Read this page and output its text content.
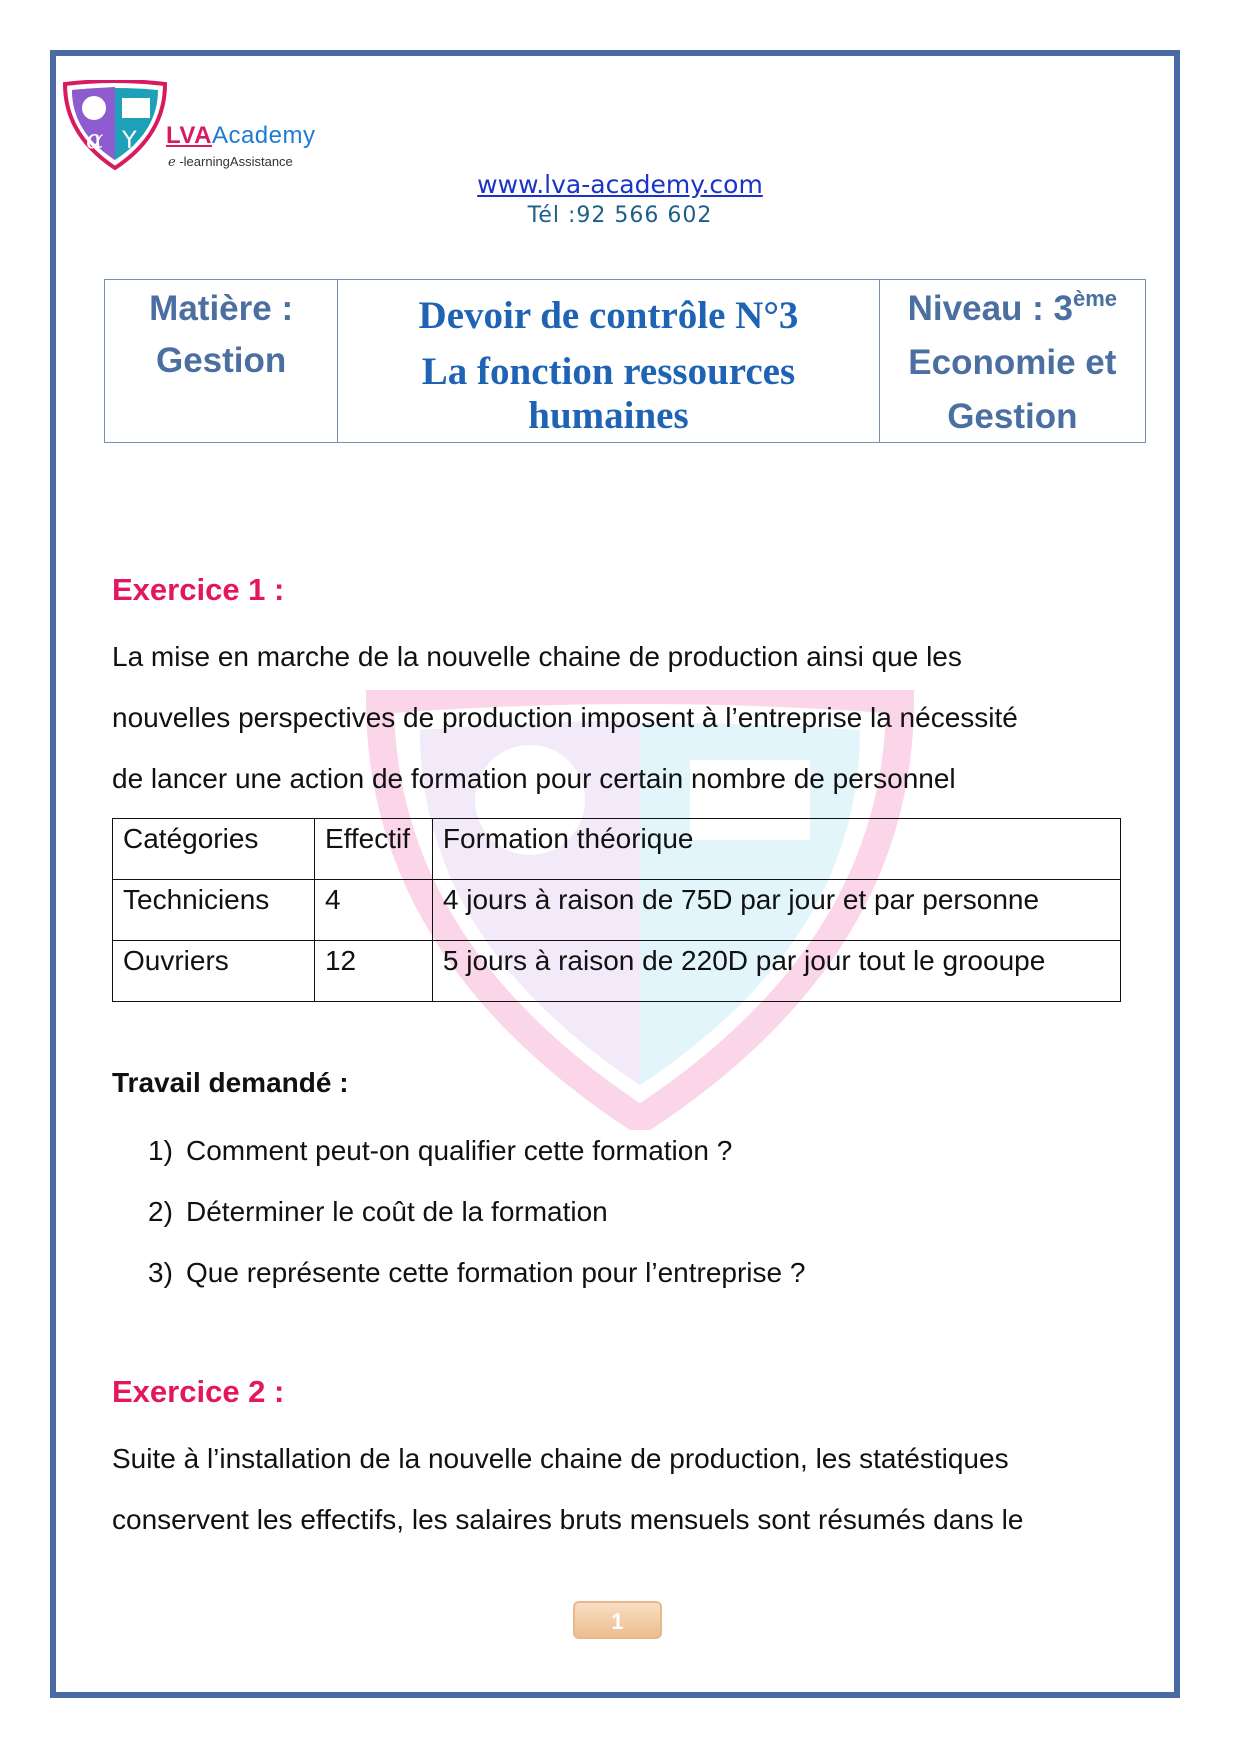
α Y LVAAcademy
e -learningAssistance
www.lva-academy.com
Tél :92 566 602
Matière :
Gestion

Devoir de contrôle N°3
La fonction ressources
humaines

Niveau : 3ème
Economie et
Gestion
Exercice 1 :
La mise en marche de la nouvelle chaine de production ainsi que les
nouvelles perspectives de production imposent à l’entreprise la nécessité
de lancer une action de formation pour certain nombre de personnel
Catégories	Effectif	Formation théorique
Techniciens	4	4 jours à raison de 75D par jour et par personne
Ouvriers	12	5 jours à raison de 220D par jour tout le grooupe
Travail demandé :
1) Comment peut-on qualifier cette formation ?
2) Déterminer le coût de la formation
3) Que représente cette formation pour l’entreprise ?
Exercice 2 :
Suite à l’installation de la nouvelle chaine de production, les statéstiques
conservent les effectifs, les salaires bruts mensuels sont résumés dans le
1
